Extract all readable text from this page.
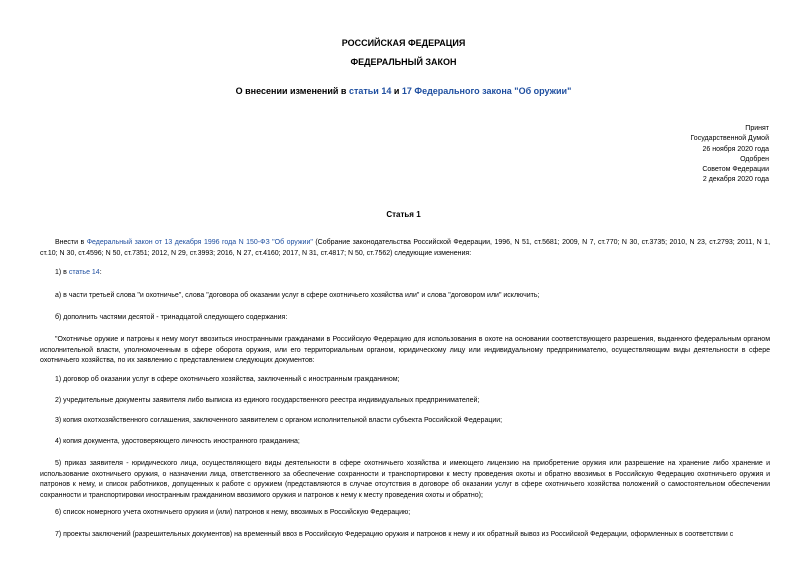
РОССИЙСКАЯ ФЕДЕРАЦИЯ
ФЕДЕРАЛЬНЫЙ ЗАКОН
О внесении изменений в статьи 14 и 17 Федерального закона "Об оружии"
Принят
Государственной Думой
26 ноября 2020 года
Одобрен
Советом Федерации
2 декабря 2020 года
Статья 1
Внести в Федеральный закон от 13 декабря 1996 года N 150-ФЗ "Об оружии" (Собрание законодательства Российской Федерации, 1996, N 51, ст.5681; 2009, N 7, ст.770; N 30, ст.3735; 2010, N 23, ст.2793; 2011, N 1, ст.10; N 30, ст.4596; N 50, ст.7351; 2012, N 29, ст.3993; 2016, N 27, ст.4160; 2017, N 31, ст.4817; N 50, ст.7562) следующие изменения:
1) в статье 14:
а) в части третьей слова "и охотничье", слова "договора об оказании услуг в сфере охотничьего хозяйства или" и слова "договором или" исключить;
б) дополнить частями десятой - тринадцатой следующего содержания:
"Охотничье оружие и патроны к нему могут ввозиться иностранными гражданами в Российскую Федерацию для использования в охоте на основании соответствующего разрешения, выданного федеральным органом исполнительной власти, уполномоченным в сфере оборота оружия, или его территориальным органом, юридическому лицу или индивидуальному предпринимателю, осуществляющим виды деятельности в сфере охотничьего хозяйства, по их заявлению с представлением следующих документов:
1) договор об оказании услуг в сфере охотничьего хозяйства, заключенный с иностранным гражданином;
2) учредительные документы заявителя либо выписка из единого государственного реестра индивидуальных предпринимателей;
3) копия охотхозяйственного соглашения, заключенного заявителем с органом исполнительной власти субъекта Российской Федерации;
4) копия документа, удостоверяющего личность иностранного гражданина;
5) приказ заявителя - юридического лица, осуществляющего виды деятельности в сфере охотничьего хозяйства и имеющего лицензию на приобретение оружия или разрешение на хранение либо хранение и использование охотничьего оружия, о назначении лица, ответственного за обеспечение сохранности и транспортировки к месту проведения охоты и обратно ввозимых в Российскую Федерацию охотничьего оружия и патронов к нему, и список работников, допущенных к работе с оружием (представляются в случае отсутствия в договоре об оказании услуг в сфере охотничьего хозяйства положений о самостоятельном обеспечении сохранности и транспортировки иностранным гражданином ввозимого оружия и патронов к нему к месту проведения охоты и обратно);
6) список номерного учета охотничьего оружия и (или) патронов к нему, ввозимых в Российскую Федерацию;
7) проекты заключений (разрешительных документов) на временный ввоз в Российскую Федерацию оружия и патронов к нему и их обратный вывоз из Российской Федерации, оформленных в соответствии с
